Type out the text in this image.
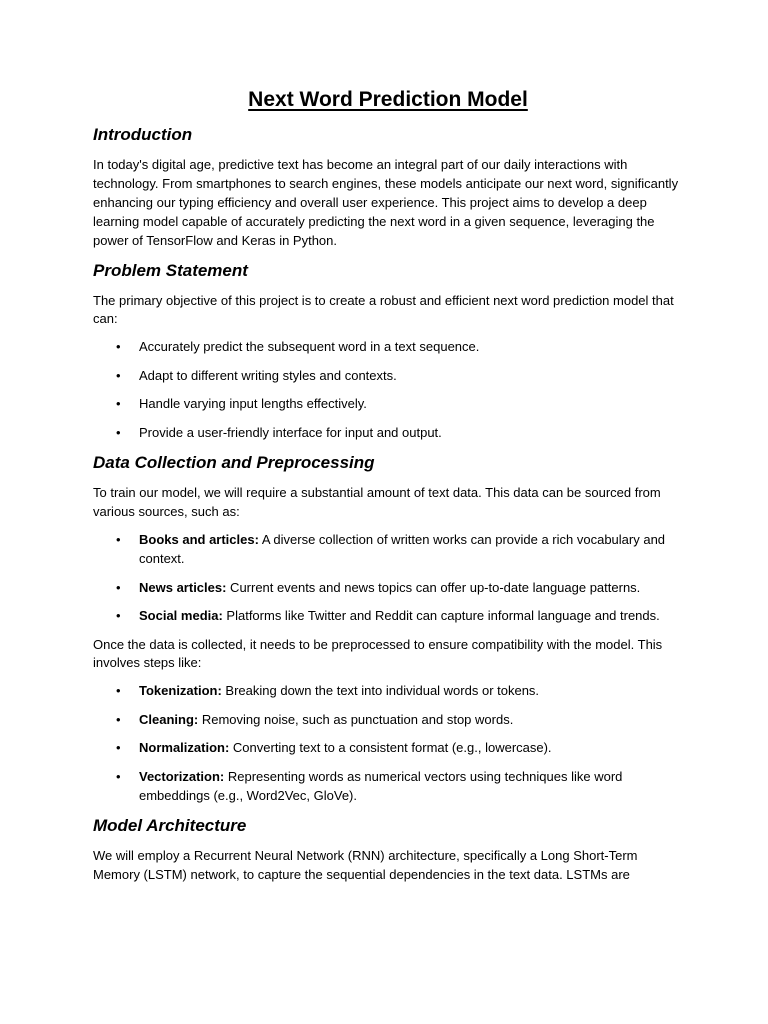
Next Word Prediction Model
Introduction

In today's digital age, predictive text has become an integral part of our daily interactions with technology. From smartphones to search engines, these models anticipate our next word, significantly enhancing our typing efficiency and overall user experience. This project aims to develop a deep learning model capable of accurately predicting the next word in a given sequence, leveraging the power of TensorFlow and Keras in Python.

Problem Statement

The primary objective of this project is to create a robust and efficient next word prediction model that can:

• Accurately predict the subsequent word in a text sequence.
• Adapt to different writing styles and contexts.
• Handle varying input lengths effectively.
• Provide a user-friendly interface for input and output.
Data Collection and Preprocessing

To train our model, we will require a substantial amount of text data. This data can be sourced from various sources, such as:

• Books and articles: A diverse collection of written works can provide a rich vocabulary and context.
• News articles: Current events and news topics can offer up-to-date language patterns.
• Social media: Platforms like Twitter and Reddit can capture informal language and trends.

Once the data is collected, it needs to be preprocessed to ensure compatibility with the model. This involves steps like:

• Tokenization: Breaking down the text into individual words or tokens.
• Cleaning: Removing noise, such as punctuation and stop words.
• Normalization: Converting text to a consistent format (e.g., lowercase).
• Vectorization: Representing words as numerical vectors using techniques like word embeddings (e.g., Word2Vec, GloVe).
Model Architecture

We will employ a Recurrent Neural Network (RNN) architecture, specifically a Long Short-Term Memory (LSTM) network, to capture the sequential dependencies in the text data. LSTMs are
